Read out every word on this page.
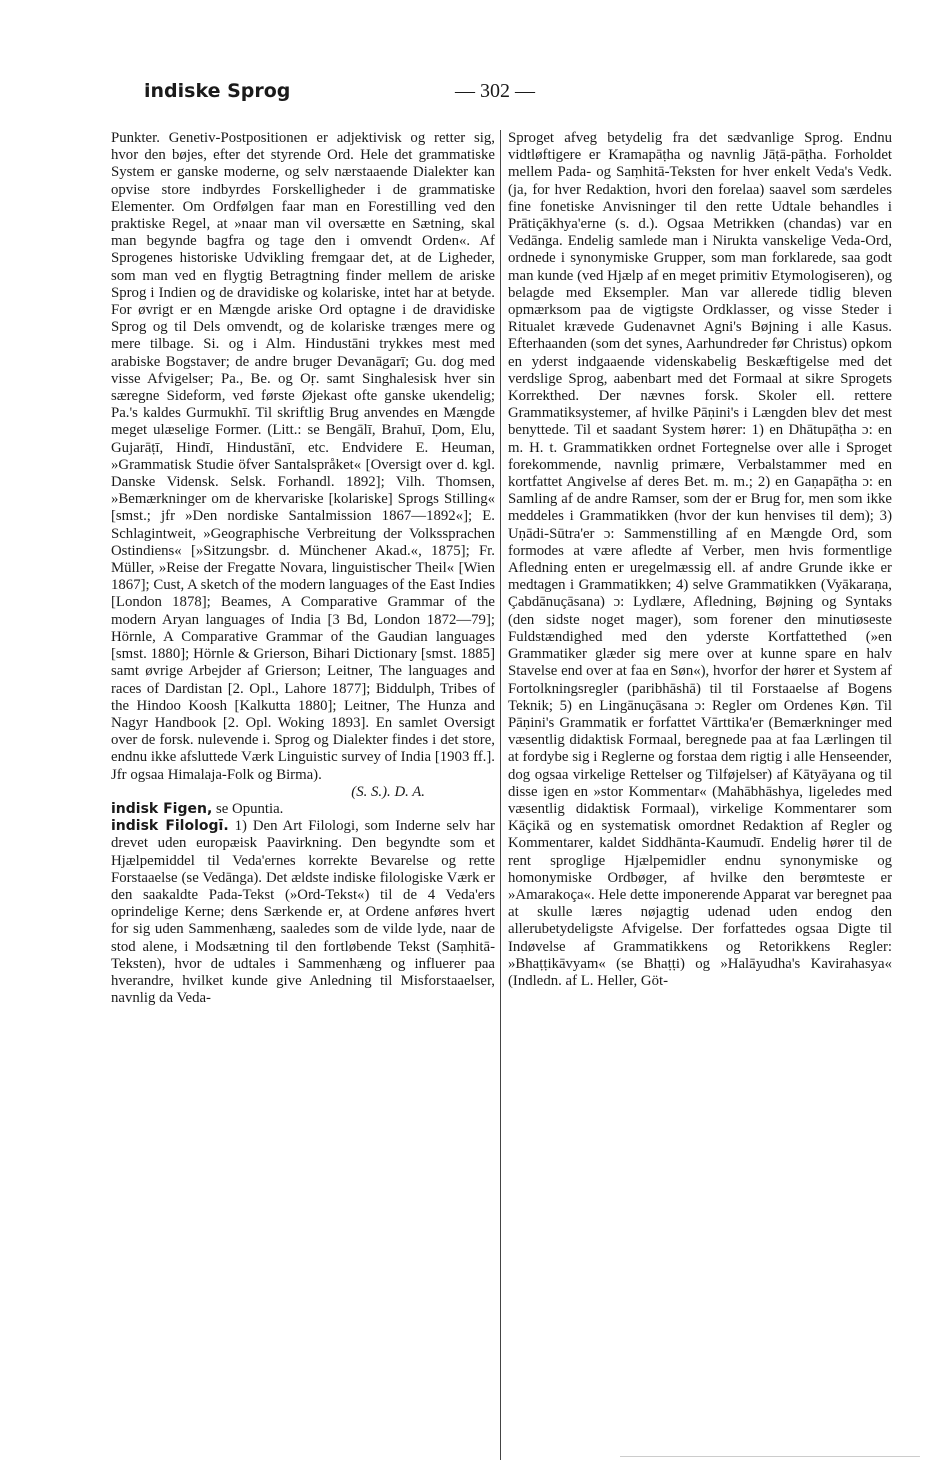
indiske Sprog	— 302 —

Punkter. Genetiv-Postpositionen er adjektivisk og retter sig, hvor den bøjes, efter det styrende Ord. Hele det grammatiske System er ganske moderne, og selv nærstaaende Dialekter kan opvise store indbyrdes Forskelligheder i de grammatiske Elementer. Om Ordfølgen faar man en Forestilling ved den praktiske Regel, at »naar man vil oversætte en Sætning, skal man begynde bagfra og tage den i omvendt Orden«. Af Sprogenes historiske Udvikling fremgaar det, at de Ligheder, som man ved en flygtig Betragtning finder mellem de ariske Sprog i Indien og de dravidiske og kolariske, intet har at betyde. For øvrigt er en Mængde ariske Ord optagne i de dravidiske Sprog og til Dels omvendt, og de kolariske trænges mere og mere tilbage. Si. og i Alm. Hindustāni trykkes mest med arabiske Bogstaver; de andre bruger Devanāgarī; Gu. dog med visse Afvigelser; Pa., Be. og Oṛ. samt Singhalesisk hver sin særegne Sideform, ved første Øjekast ofte ganske ukendelig; Pa.'s kaldes Gurmukhī. Til skriftlig Brug anvendes en Mængde meget ulæselige Former. (Litt.: se Bengālī, Brahuī, Ḍom, Elu, Gujarāṭī, Hindī, Hindustānī, etc. Endvidere E. Heuman, »Grammatisk Studie öfver Santalspråket« [Oversigt over d. kgl. Danske Vidensk. Selsk. Forhandl. 1892]; Vilh. Thomsen, »Bemærkninger om de khervariske [kolariske] Sprogs Stilling« [smst.; jfr »Den nordiske Santalmission 1867—1892«]; E. Schlagintweit, »Geographische Verbreitung der Volkssprachen Ostindiens« [»Sitzungsbr. d. Münchener Akad.«, 1875]; Fr. Müller, »Reise der Fregatte Novara, linguistischer Theil« [Wien 1867]; Cust, A sketch of the modern languages of the East Indies [London 1878]; Beames, A Comparative Grammar of the modern Aryan languages of India [3 Bd, London 1872—79]; Hörnle, A Comparative Grammar of the Gaudian languages [smst. 1880]; Hörnle & Grierson, Bihari Dictionary [smst. 1885] samt øvrige Arbejder af Grierson; Leitner, The languages and races of Dardistan [2. Opl., Lahore 1877]; Biddulph, Tribes of the Hindoo Koosh [Kalkutta 1880]; Leitner, The Hunza and Nagyr Handbook [2. Opl. Woking 1893]. En samlet Oversigt over de forsk. nulevende i. Sprog og Dialekter findes i det store, endnu ikke afsluttede Værk Linguistic survey of India [1903 ff.]. Jfr ogsaa Himalaja-Folk og Birma).
(S. S.). D. A.

indisk Figen, se Opuntia.

indisk Filologī. 1) Den Art Filologi, som Inderne selv har drevet uden europæisk Paavirkning. Den begyndte som et Hjælpemiddel til Veda'ernes korrekte Bevarelse og rette Forstaaelse (se Vedānga). Det ældste indiske filologiske Værk er den saakaldte Pada-Tekst (»Ord-Tekst«) til de 4 Veda'ers oprindelige Kerne; dens Særkende er, at Ordene anføres hvert for sig uden Sammenhæng, saaledes som de vilde lyde, naar de stod alene, i Modsætning til den fortløbende Tekst (Saṃhitā-Teksten), hvor de udtales i Sammenhæng og influerer paa hverandre, hvilket kunde give Anledning til Misforstaaelser, navnlig da Veda-

Sproget afveg betydelig fra det sædvanlige Sprog. Endnu vidtløftigere er Kramapāṭha og navnlig Jāṭā-pāṭha. Forholdet mellem Pada- og Saṃhitā-Teksten for hver enkelt Veda's Vedk. (ja, for hver Redaktion, hvori den forelaa) saavel som særdeles fine fonetiske Anvisninger til den rette Udtale behandles i Prātiçākhya'erne (s. d.). Ogsaa Metrikken (chandas) var en Vedānga. Endelig samlede man i Nirukta vanskelige Veda-Ord, ordnede i synonymiske Grupper, som man forklarede, saa godt man kunde (ved Hjælp af en meget primitiv Etymologiseren), og belagde med Eksempler. Man var allerede tidlig bleven opmærksom paa de vigtigste Ordklasser, og visse Steder i Ritualet krævede Gudenavnet Agni's Bøjning i alle Kasus. Efterhaanden (som det synes, Aarhundreder før Christus) opkom en yderst indgaaende videnskabelig Beskæftigelse med det verdslige Sprog, aabenbart med det Formaal at sikre Sprogets Korrekthed. Der nævnes forsk. Skoler ell. rettere Grammatiksystemer, af hvilke Pāṇini's i Længden blev det mest benyttede. Til et saadant System hører: 1) en Dhātupāṭha ɔ: en m. H. t. Grammatikken ordnet Fortegnelse over alle i Sproget forekommende, navnlig primære, Verbalstammer med en kortfattet Angivelse af deres Bet. m. m.; 2) en Gaṇapāṭha ɔ: en Samling af de andre Ramser, som der er Brug for, men som ikke meddeles i Grammatikken (hvor der kun henvises til dem); 3) Uṇādi-Sūtra'er ɔ: Sammenstilling af en Mængde Ord, som formodes at være afledte af Verber, men hvis formentlige Afledning enten er uregelmæssig ell. af andre Grunde ikke er medtagen i Grammatikken; 4) selve Grammatikken (Vyākaraṇa, Çabdānuçāsana) ɔ: Lydlære, Afledning, Bøjning og Syntaks (den sidste noget mager), som forener den minutiøseste Fuldstændighed med den yderste Kortfattethed (»en Grammatiker glæder sig mere over at kunne spare en halv Stavelse end over at faa en Søn«), hvorfor der hører et System af Fortolkningsregler (paribhāshā) til til Forstaaelse af Bogens Teknik; 5) en Lingānuçāsana ɔ: Regler om Ordenes Køn. Til Pāṇini's Grammatik er forfattet Vārttika'er (Bemærkninger med væsentlig didaktisk Formaal, beregnede paa at faa Lærlingen til at fordybe sig i Reglerne og forstaa dem rigtig i alle Henseender, dog ogsaa virkelige Rettelser og Tilføjelser) af Kātyāyana og til disse igen en »stor Kommentar« (Mahābhāshya, ligeledes med væsentlig didaktisk Formaal), virkelige Kommentarer som Kāçikā og en systematisk omordnet Redaktion af Regler og Kommentarer, kaldet Siddhānta-Kaumudī. Endelig hører til de rent sproglige Hjælpemidler endnu synonymiske og homonymiske Ordbøger, af hvilke den berømteste er »Amarakoça«. Hele dette imponerende Apparat var beregnet paa at skulle læres nøjagtig udenad uden endog den allerubetydeligste Afvigelse. Der forfattedes ogsaa Digte til Indøvelse af Grammatikkens og Retorikkens Regler: »Bhaṭṭikāvyam« (se Bhaṭṭi) og »Halāyudha's Kavirahasya« (Indledn. af L. Heller, Göt-
